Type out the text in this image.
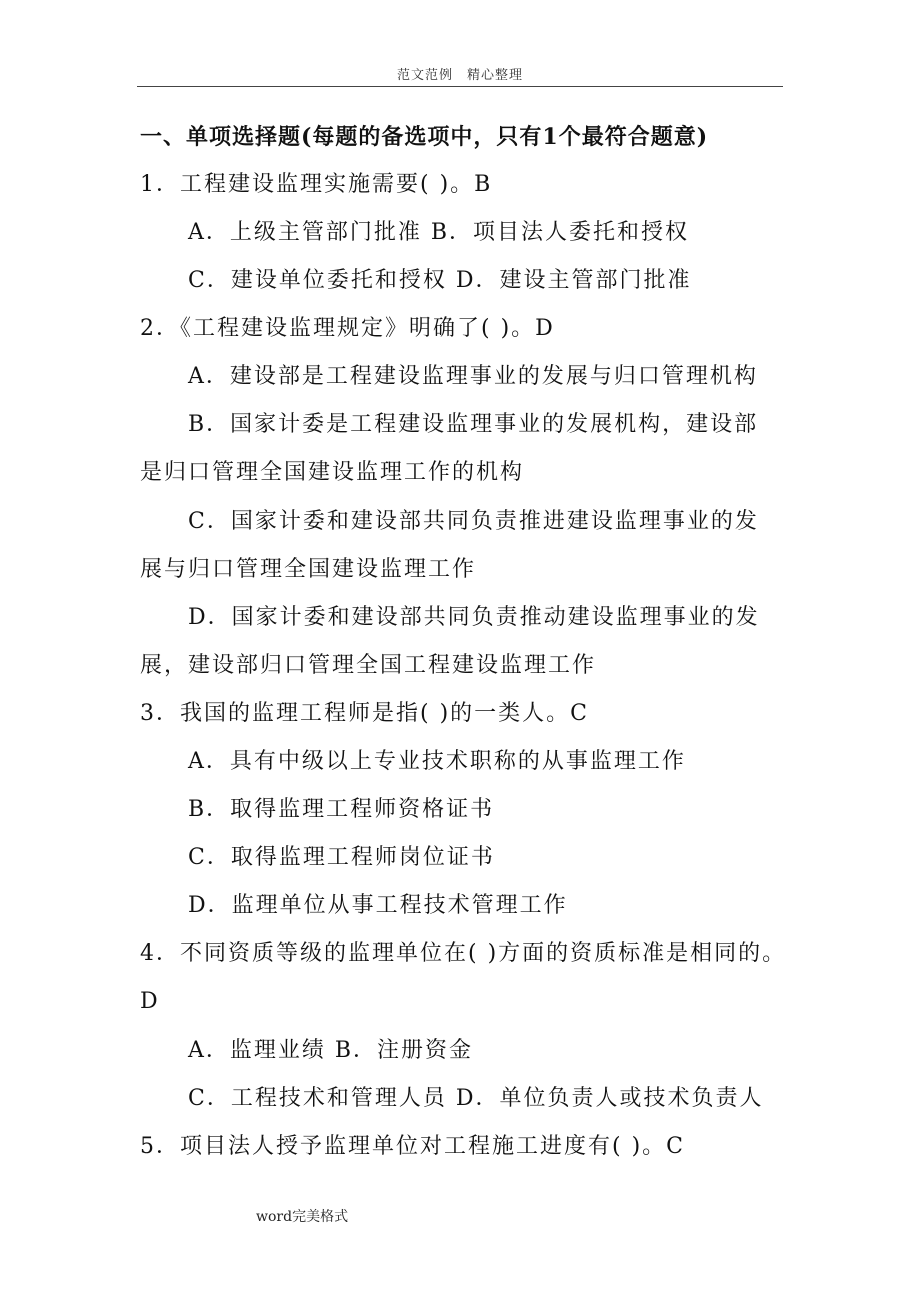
范文范例　精心整理
一、单项选择题(每题的备选项中，只有1个最符合题意)
1．工程建设监理实施需要( )。B
A．上级主管部门批准 B．项目法人委托和授权
C．建设单位委托和授权 D．建设主管部门批准
2．《工程建设监理规定》明确了( )。D
A．建设部是工程建设监理事业的发展与归口管理机构
B．国家计委是工程建设监理事业的发展机构，建设部
是归口管理全国建设监理工作的机构
C．国家计委和建设部共同负责推进建设监理事业的发
展与归口管理全国建设监理工作
D．国家计委和建设部共同负责推动建设监理事业的发
展，建设部归口管理全国工程建设监理工作
3．我国的监理工程师是指( )的一类人。C
A．具有中级以上专业技术职称的从事监理工作
B．取得监理工程师资格证书
C．取得监理工程师岗位证书
D．监理单位从事工程技术管理工作
4．不同资质等级的监理单位在( )方面的资质标准是相同的。
D
A．监理业绩 B．注册资金
C．工程技术和管理人员 D．单位负责人或技术负责人
5．项目法人授予监理单位对工程施工进度有( )。C
word完美格式
